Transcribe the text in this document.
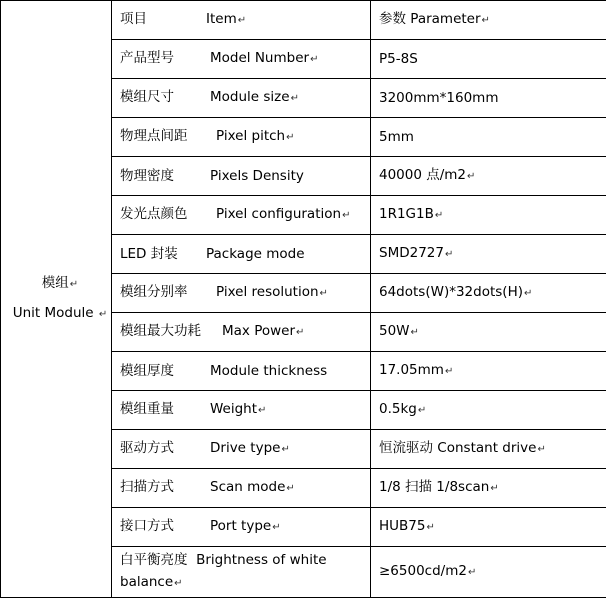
模组↵
Unit Module ↵	项目 Item↵	参数 Parameter↵
	产品型号 Model Number↵	P5-8S
	模组尺寸 Module size↵	3200mm*160mm
	物理点间距 Pixel pitch↵	5mm
	物理密度 Pixels Density	40000 点/m2↵
	发光点颜色 Pixel configuration↵	1R1G1B↵
	LED 封装 Package mode	SMD2727↵
	模组分别率 Pixel resolution↵	64dots(W)*32dots(H)↵
	模组最大功耗 Max Power↵	50W↵
	模组厚度 Module thickness	17.05mm↵
	模组重量 Weight↵	0.5kg↵
	驱动方式 Drive type↵	恒流驱动 Constant drive↵
	扫描方式 Scan mode↵	1/8 扫描 1/8scan↵
	接口方式 Port type↵	HUB75↵
	白平衡亮度 Brightness of white balance↵	≥6500cd/m2↵
